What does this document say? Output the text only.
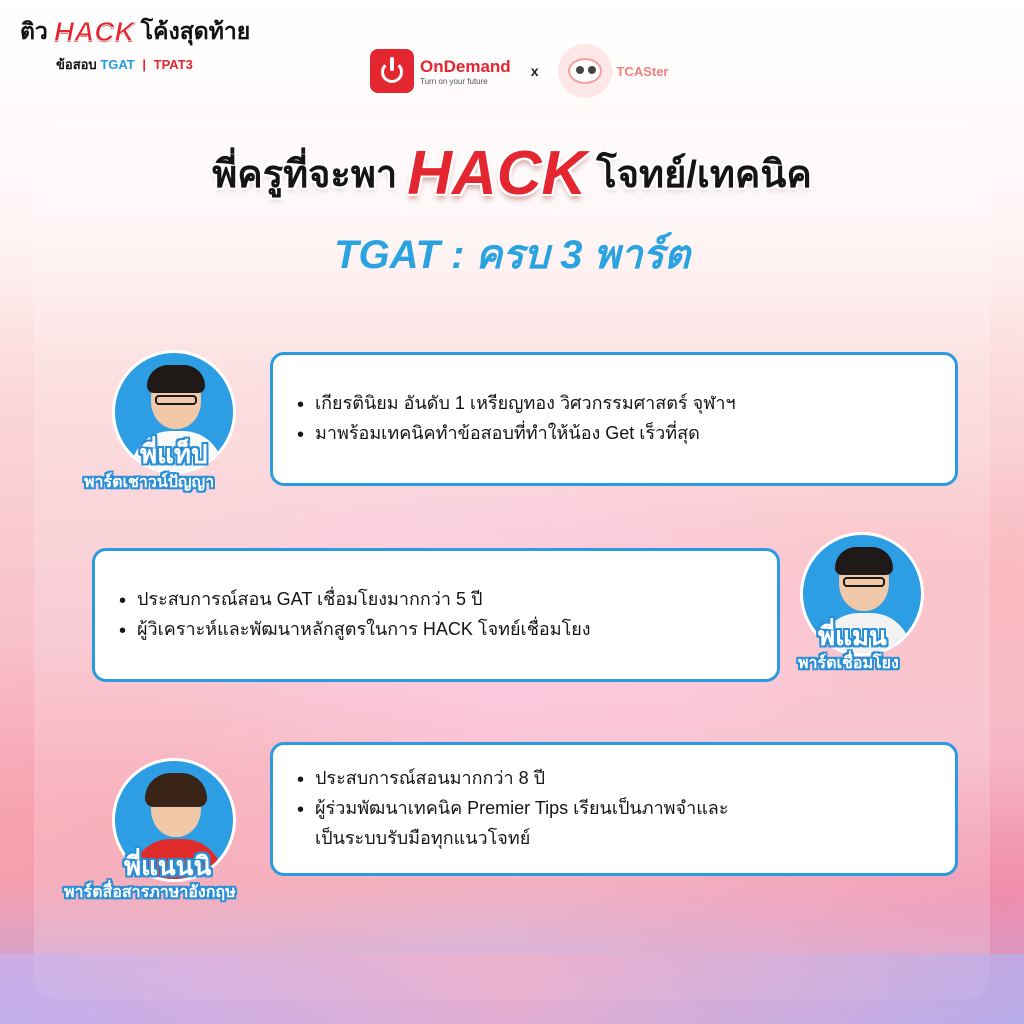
ติว HACK โค้งสุดท้าย
ข้อสอบ TGAT | TPAT3	OnDemand
Turn on your future
x	TCASter
พี่ครูที่จะพา HACK โจทย์/เทคนิค
TGAT : ครบ 3 พาร์ต
พี่แท็ป
พาร์ตเชาวน์ปัญญา
• เกียรตินิยม อันดับ 1 เหรียญทอง วิศวกรรมศาสตร์ จุฬาฯ
• มาพร้อมเทคนิคทำข้อสอบที่ทำให้น้อง Get เร็วที่สุด
• ประสบการณ์สอน GAT เชื่อมโยงมากกว่า 5 ปี
• ผู้วิเคราะห์และพัฒนาหลักสูตรในการ HACK โจทย์เชื่อมโยง	พี่แมน
พาร์ตเชื่อมโยง
พี่แนนนิ
พาร์ตสื่อสารภาษาอังกฤษ
• ประสบการณ์สอนมากกว่า 8 ปี
• ผู้ร่วมพัฒนาเทคนิค Premier Tips เรียนเป็นภาพจำและ
เป็นระบบรับมือทุกแนวโจทย์
